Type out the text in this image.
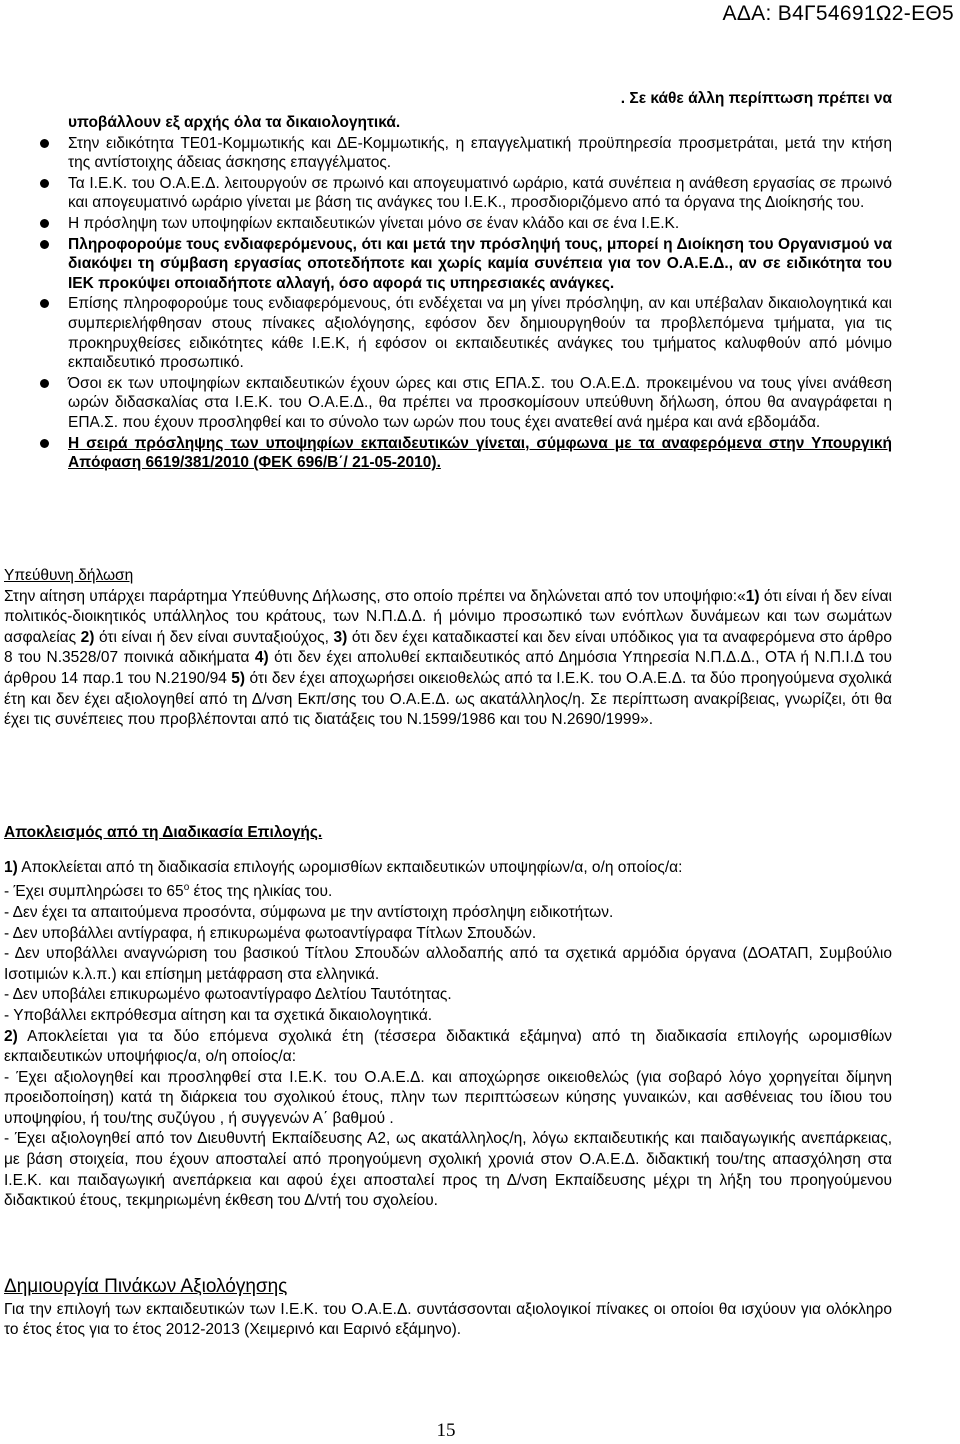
ΑΔΑ: Β4Γ54691Ω2-ΕΘ5
. Σε κάθε άλλη περίπτωση πρέπει να
υποβάλλουν εξ αρχής όλα τα δικαιολογητικά.
Στην ειδικότητα ΤΕ01-Κομμωτικής και ΔΕ-Κομμωτικής, η επαγγελματική προϋπηρεσία προσμετράται, μετά την κτήση της αντίστοιχης άδειας άσκησης επαγγέλματος.
Τα Ι.Ε.Κ. του Ο.Α.Ε.Δ. λειτουργούν σε πρωινό και απογευματινό ωράριο, κατά συνέπεια η ανάθεση εργασίας σε πρωινό και απογευματινό ωράριο γίνεται με βάση τις ανάγκες του Ι.Ε.Κ., προσδιοριζόμενο από τα όργανα της Διοίκησής του.
Η πρόσληψη των υποψηφίων εκπαιδευτικών γίνεται μόνο σε έναν κλάδο και σε ένα Ι.Ε.Κ.
Πληροφορούμε τους ενδιαφερόμενους, ότι και μετά την πρόσληψή τους, μπορεί η Διοίκηση του Οργανισμού να διακόψει τη σύμβαση εργασίας οποτεδήποτε και χωρίς καμία συνέπεια για τον Ο.Α.Ε.Δ., αν σε ειδικότητα του ΙΕΚ προκύψει οποιαδήποτε αλλαγή, όσο αφορά τις υπηρεσιακές ανάγκες.
Επίσης πληροφορούμε τους ενδιαφερόμενους, ότι ενδέχεται να μη γίνει πρόσληψη, αν και υπέβαλαν δικαιολογητικά και συμπεριελήφθησαν στους πίνακες αξιολόγησης, εφόσον δεν δημιουργηθούν τα προβλεπόμενα τμήματα, για τις προκηρυχθείσες ειδικότητες κάθε Ι.Ε.Κ, ή εφόσον οι εκπαιδευτικές ανάγκες του τμήματος καλυφθούν από μόνιμο εκπαιδευτικό προσωπικό.
Όσοι εκ των υποψηφίων εκπαιδευτικών έχουν ώρες και στις ΕΠΑ.Σ. του Ο.Α.Ε.Δ. προκειμένου να τους γίνει ανάθεση ωρών διδασκαλίας στα Ι.Ε.Κ. του Ο.Α.Ε.Δ., θα πρέπει να προσκομίσουν υπεύθυνη δήλωση, όπου θα αναγράφεται η ΕΠΑ.Σ. που έχουν προσληφθεί και το σύνολο των ωρών που τους έχει ανατεθεί ανά ημέρα και ανά εβδομάδα.
Η σειρά πρόσληψης των υποψηφίων εκπαιδευτικών γίνεται, σύμφωνα με τα αναφερόμενα στην Υπουργική Απόφαση 6619/381/2010 (ΦΕΚ 696/Β΄/ 21-05-2010).

Υπεύθυνη δήλωση

Στην αίτηση υπάρχει παράρτημα Υπεύθυνης Δήλωσης, στο οποίο πρέπει να δηλώνεται από τον υποψήφιο:«1) ότι είναι ή δεν είναι πολιτικός-διοικητικός υπάλληλος του κράτους, των Ν.Π.Δ.Δ. ή μόνιμο προσωπικό των ενόπλων δυνάμεων και των σωμάτων ασφαλείας 2) ότι είναι ή δεν είναι συνταξιούχος, 3) ότι δεν έχει καταδικαστεί και δεν είναι υπόδικος για τα αναφερόμενα στο άρθρο 8 του Ν.3528/07 ποινικά αδικήματα 4) ότι δεν έχει απολυθεί εκπαιδευτικός από Δημόσια Υπηρεσία Ν.Π.Δ.Δ., ΟΤΑ ή Ν.Π.Ι.Δ του άρθρου 14 παρ.1 του Ν.2190/94 5) ότι δεν έχει αποχωρήσει οικειοθελώς από τα Ι.Ε.Κ. του Ο.Α.Ε.Δ. τα δύο προηγούμενα σχολικά έτη και δεν έχει αξιολογηθεί από τη Δ/νση Εκπ/σης του Ο.Α.Ε.Δ. ως ακατάλληλος/η. Σε περίπτωση ανακρίβειας, γνωρίζει, ότι θα έχει τις συνέπειες που προβλέπονται από τις διατάξεις του Ν.1599/1986 και του Ν.2690/1999».

Αποκλεισμός από τη Διαδικασία Επιλογής.

1) Αποκλείεται από τη διαδικασία επιλογής ωρομισθίων εκπαιδευτικών υποψηφίων/α, ο/η οποίος/α:

- Έχει συμπληρώσει το $65^o$ έτος της ηλικίας του.

- Δεν έχει τα απαιτούμενα προσόντα, σύμφωνα με την αντίστοιχη πρόσληψη ειδικοτήτων.

- Δεν υποβάλλει αντίγραφα, ή επικυρωμένα φωτοαντίγραφα Τίτλων Σπουδών.

- Δεν υποβάλλει αναγνώριση του βασικού Τίτλου Σπουδών αλλοδαπής από τα σχετικά αρμόδια όργανα (ΔΟΑΤΑΠ, Συμβούλιο Ισοτιμιών κ.λ.π.) και επίσημη μετάφραση στα ελληνικά.

- Δεν υποβάλει επικυρωμένο φωτοαντίγραφο Δελτίου Ταυτότητας.

- Υποβάλλει εκπρόθεσμα αίτηση και τα σχετικά δικαιολογητικά.

2) Αποκλείεται για τα δύο επόμενα σχολικά έτη (τέσσερα διδακτικά εξάμηνα) από τη διαδικασία επιλογής ωρομισθίων εκπαιδευτικών υποψήφιος/α, ο/η οποίος/α:

- Έχει αξιολογηθεί και προσληφθεί στα Ι.Ε.Κ. του Ο.Α.Ε.Δ. και αποχώρησε οικειοθελώς (για σοβαρό λόγο χορηγείται δίμηνη προειδοποίηση) κατά τη διάρκεια του σχολικού έτους, πλην των περιπτώσεων κύησης γυναικών, και ασθένειας του ίδιου του υποψηφίου, ή του/της συζύγου , ή συγγενών Α΄ βαθμού .

- Έχει αξιολογηθεί από τον Διευθυντή Εκπαίδευσης Α2, ως ακατάλληλος/η, λόγω εκπαιδευτικής και παιδαγωγικής ανεπάρκειας, με βάση στοιχεία, που έχουν αποσταλεί από προηγούμενη σχολική χρονιά στον Ο.Α.Ε.Δ. διδακτική του/της απασχόληση στα Ι.Ε.Κ. και παιδαγωγική ανεπάρκεια και αφού έχει αποσταλεί προς τη Δ/νση Εκπαίδευσης μέχρι τη λήξη του προηγούμενου διδακτικού έτους, τεκμηριωμένη έκθεση του Δ/ντή του σχολείου.

Δημιουργία Πινάκων Αξιολόγησης

Για την επιλογή των εκπαιδευτικών των Ι.Ε.Κ. του Ο.Α.Ε.Δ. συντάσσονται αξιολογικοί πίνακες οι οποίοι θα ισχύουν για ολόκληρο το έτος έτος για το έτος 2012-2013 (Χειμερινό και Εαρινό εξάμηνο).

15
